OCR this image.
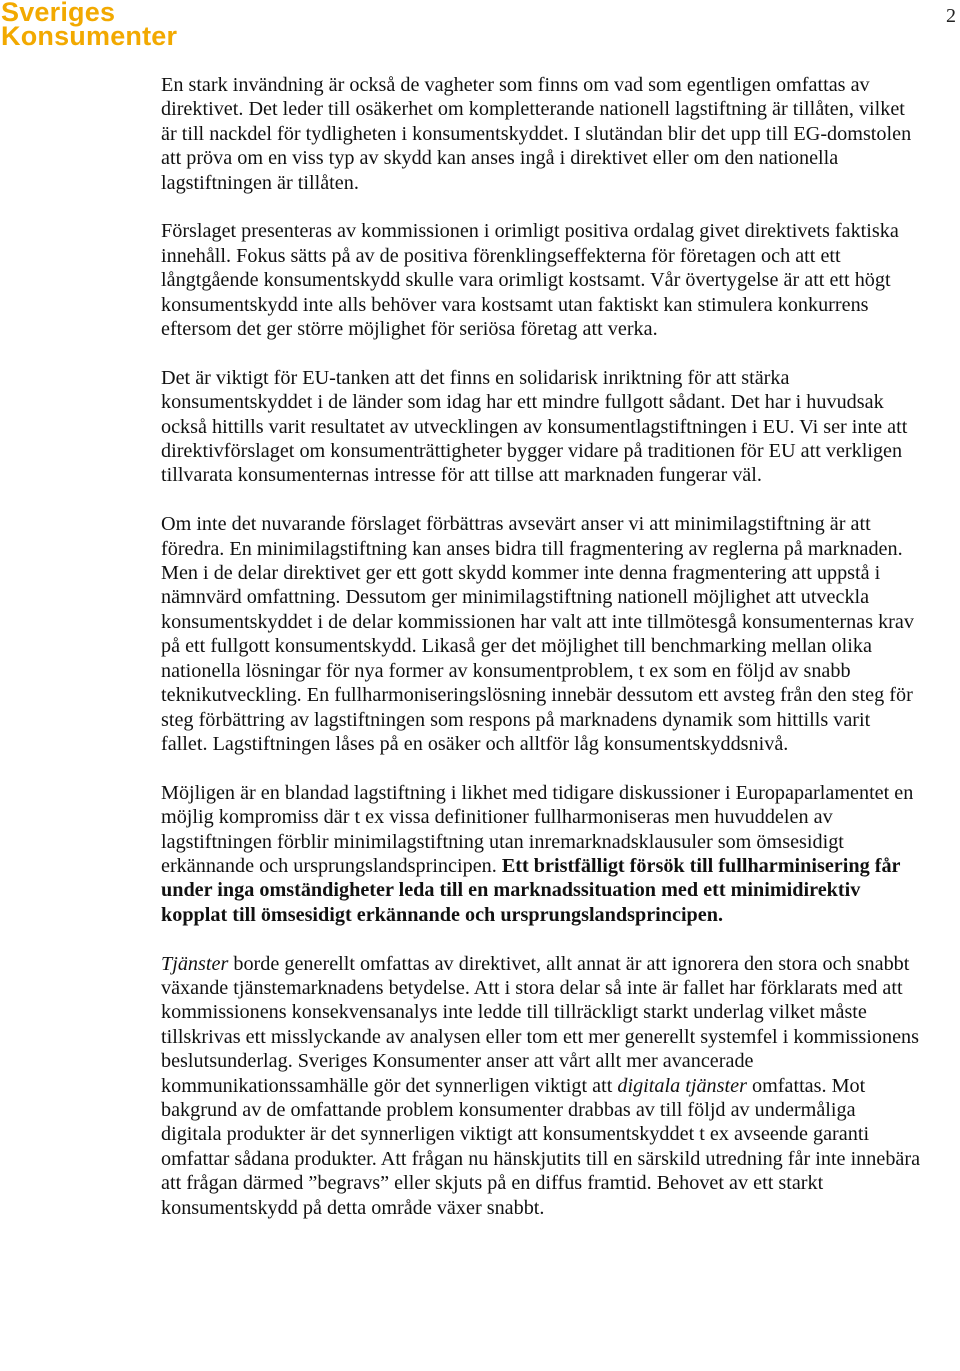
Sveriges
Konsumenter
2

En stark invändning är också de vagheter som finns om vad som egentligen omfattas av direktivet. Det leder till osäkerhet om kompletterande nationell lagstiftning är tillåten, vilket är till nackdel för tydligheten i konsumentskyddet. I slutändan blir det upp till EG-domstolen att pröva om en viss typ av skydd kan anses ingå i direktivet eller om den nationella lagstiftningen är tillåten.

Förslaget presenteras av kommissionen i orimligt positiva ordalag givet direktivets faktiska innehåll. Fokus sätts på av de positiva förenklingseffekterna för företagen och att ett långtgående konsumentskydd skulle vara orimligt kostsamt. Vår övertygelse är att ett högt konsumentskydd inte alls behöver vara kostsamt utan faktiskt kan stimulera konkurrens eftersom det ger större möjlighet för seriösa företag att verka.

Det är viktigt för EU-tanken att det finns en solidarisk inriktning för att stärka konsumentskyddet i de länder som idag har ett mindre fullgott sådant. Det har i huvudsak också hittills varit resultatet av utvecklingen av konsumentlagstiftningen i EU. Vi ser inte att direktivförslaget om konsumenträttigheter bygger vidare på traditionen för EU att verkligen tillvarata konsumenternas intresse för att tillse att marknaden fungerar väl.

Om inte det nuvarande förslaget förbättras avsevärt anser vi att minimilagstiftning är att föredra. En minimilagstiftning kan anses bidra till fragmentering av reglerna på marknaden. Men i de delar direktivet ger ett gott skydd kommer inte denna fragmentering att uppstå i nämnvärd omfattning. Dessutom ger minimilagstiftning nationell möjlighet att utveckla konsumentskyddet i de delar kommissionen har valt att inte tillmötesgå konsumenternas krav på ett fullgott konsumentskydd. Likaså ger det möjlighet till benchmarking mellan olika nationella lösningar för nya former av konsumentproblem, t ex som en följd av snabb teknikutveckling. En fullharmoniseringslösning innebär dessutom ett avsteg från den steg för steg förbättring av lagstiftningen som respons på marknadens dynamik som hittills varit fallet. Lagstiftningen låses på en osäker och alltför låg konsumentskyddsnivå.

Möjligen är en blandad lagstiftning i likhet med tidigare diskussioner i Europaparlamentet en möjlig kompromiss där t ex vissa definitioner fullharmoniseras men huvuddelen av lagstiftningen förblir minimilagstiftning utan inremarknadsklausuler som ömsesidigt erkännande och ursprungslandsprincipen. Ett bristfälligt försök till fullharminisering får under inga omständigheter leda till en marknadssituation med ett minimidirektiv kopplat till ömsesidigt erkännande och ursprungslandsprincipen.

Tjänster borde generellt omfattas av direktivet, allt annat är att ignorera den stora och snabbt växande tjänstemarknadens betydelse. Att i stora delar så inte är fallet har förklarats med att kommissionens konsekvensanalys inte ledde till tillräckligt starkt underlag vilket måste tillskrivas ett misslyckande av analysen eller tom ett mer generellt systemfel i kommissionens beslutsunderlag. Sveriges Konsumenter anser att vårt allt mer avancerade kommunikationssamhälle gör det synnerligen viktigt att digitala tjänster omfattas. Mot bakgrund av de omfattande problem konsumenter drabbas av till följd av undermåliga digitala produkter är det synnerligen viktigt att konsumentskyddet t ex avseende garanti omfattar sådana produkter. Att frågan nu hänskjutits till en särskild utredning får inte innebära att frågan därmed ”begravs” eller skjuts på en diffus framtid. Behovet av ett starkt konsumentskydd på detta område växer snabbt.
